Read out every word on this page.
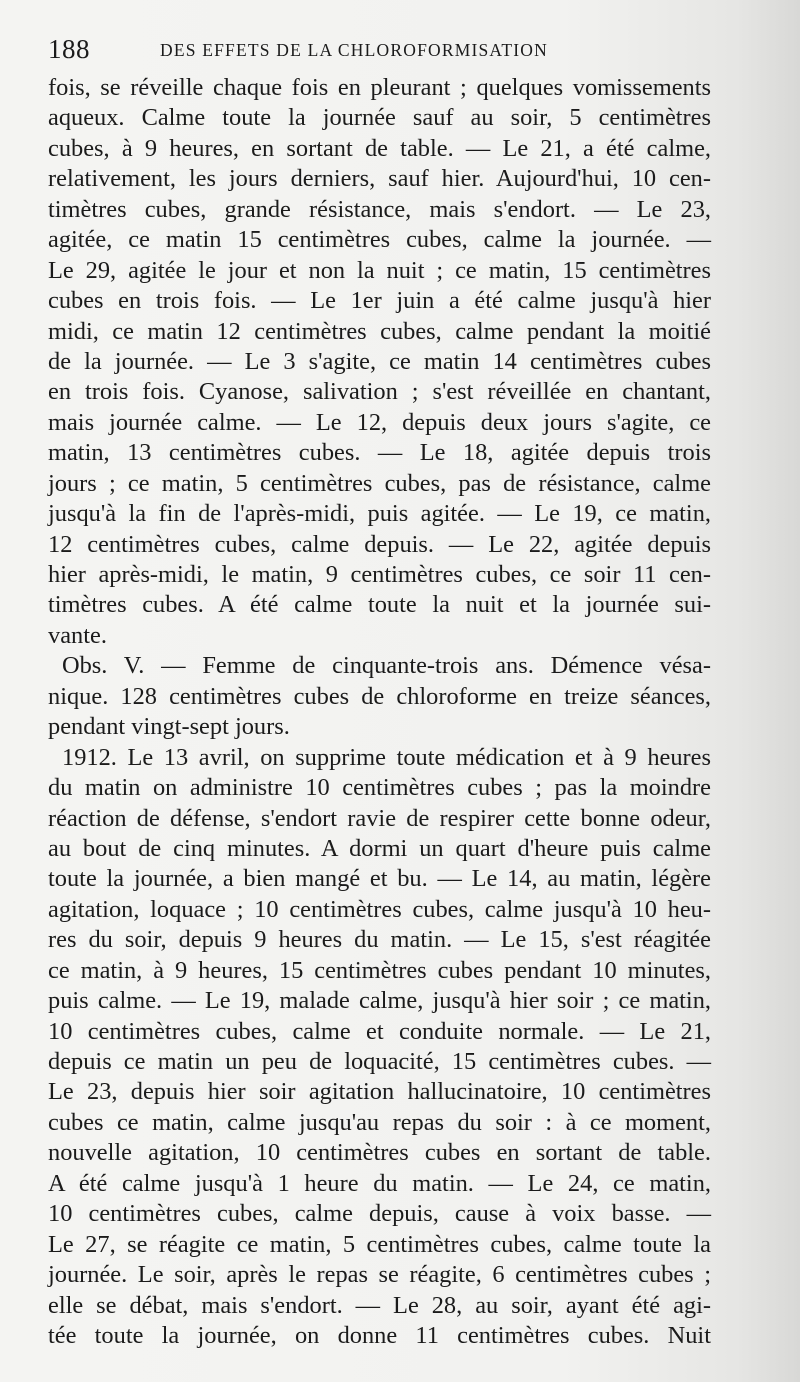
188	DES EFFETS DE LA CHLOROFORMISATION
fois, se réveille chaque fois en pleurant ; quelques vomissements
aqueux. Calme toute la journée sauf au soir, 5 centimètres
cubes, à 9 heures, en sortant de table. — Le 21, a été calme,
relativement, les jours derniers, sauf hier. Aujourd'hui, 10 cen-
timètres cubes, grande résistance, mais s'endort. — Le 23,
agitée, ce matin 15 centimètres cubes, calme la journée. —
Le 29, agitée le jour et non la nuit ; ce matin, 15 centimètres
cubes en trois fois. — Le 1er juin a été calme jusqu'à hier
midi, ce matin 12 centimètres cubes, calme pendant la moitié
de la journée. — Le 3 s'agite, ce matin 14 centimètres cubes
en trois fois. Cyanose, salivation ; s'est réveillée en chantant,
mais journée calme. — Le 12, depuis deux jours s'agite, ce
matin, 13 centimètres cubes. — Le 18, agitée depuis trois
jours ; ce matin, 5 centimètres cubes, pas de résistance, calme
jusqu'à la fin de l'après-midi, puis agitée. — Le 19, ce matin,
12 centimètres cubes, calme depuis. — Le 22, agitée depuis
hier après-midi, le matin, 9 centimètres cubes, ce soir 11 cen-
timètres cubes. A été calme toute la nuit et la journée sui-
vante.
Obs. V. — Femme de cinquante-trois ans. Démence vésa-
nique. 128 centimètres cubes de chloroforme en treize séances,
pendant vingt-sept jours.
1912. Le 13 avril, on supprime toute médication et à 9 heures
du matin on administre 10 centimètres cubes ; pas la moindre
réaction de défense, s'endort ravie de respirer cette bonne odeur,
au bout de cinq minutes. A dormi un quart d'heure puis calme
toute la journée, a bien mangé et bu. — Le 14, au matin, légère
agitation, loquace ; 10 centimètres cubes, calme jusqu'à 10 heu-
res du soir, depuis 9 heures du matin. — Le 15, s'est réagitée
ce matin, à 9 heures, 15 centimètres cubes pendant 10 minutes,
puis calme. — Le 19, malade calme, jusqu'à hier soir ; ce matin,
10 centimètres cubes, calme et conduite normale. — Le 21,
depuis ce matin un peu de loquacité, 15 centimètres cubes. —
Le 23, depuis hier soir agitation hallucinatoire, 10 centimètres
cubes ce matin, calme jusqu'au repas du soir : à ce moment,
nouvelle agitation, 10 centimètres cubes en sortant de table.
A été calme jusqu'à 1 heure du matin. — Le 24, ce matin,
10 centimètres cubes, calme depuis, cause à voix basse. —
Le 27, se réagite ce matin, 5 centimètres cubes, calme toute la
journée. Le soir, après le repas se réagite, 6 centimètres cubes ;
elle se débat, mais s'endort. — Le 28, au soir, ayant été agi-
tée toute la journée, on donne 11 centimètres cubes. Nuit
